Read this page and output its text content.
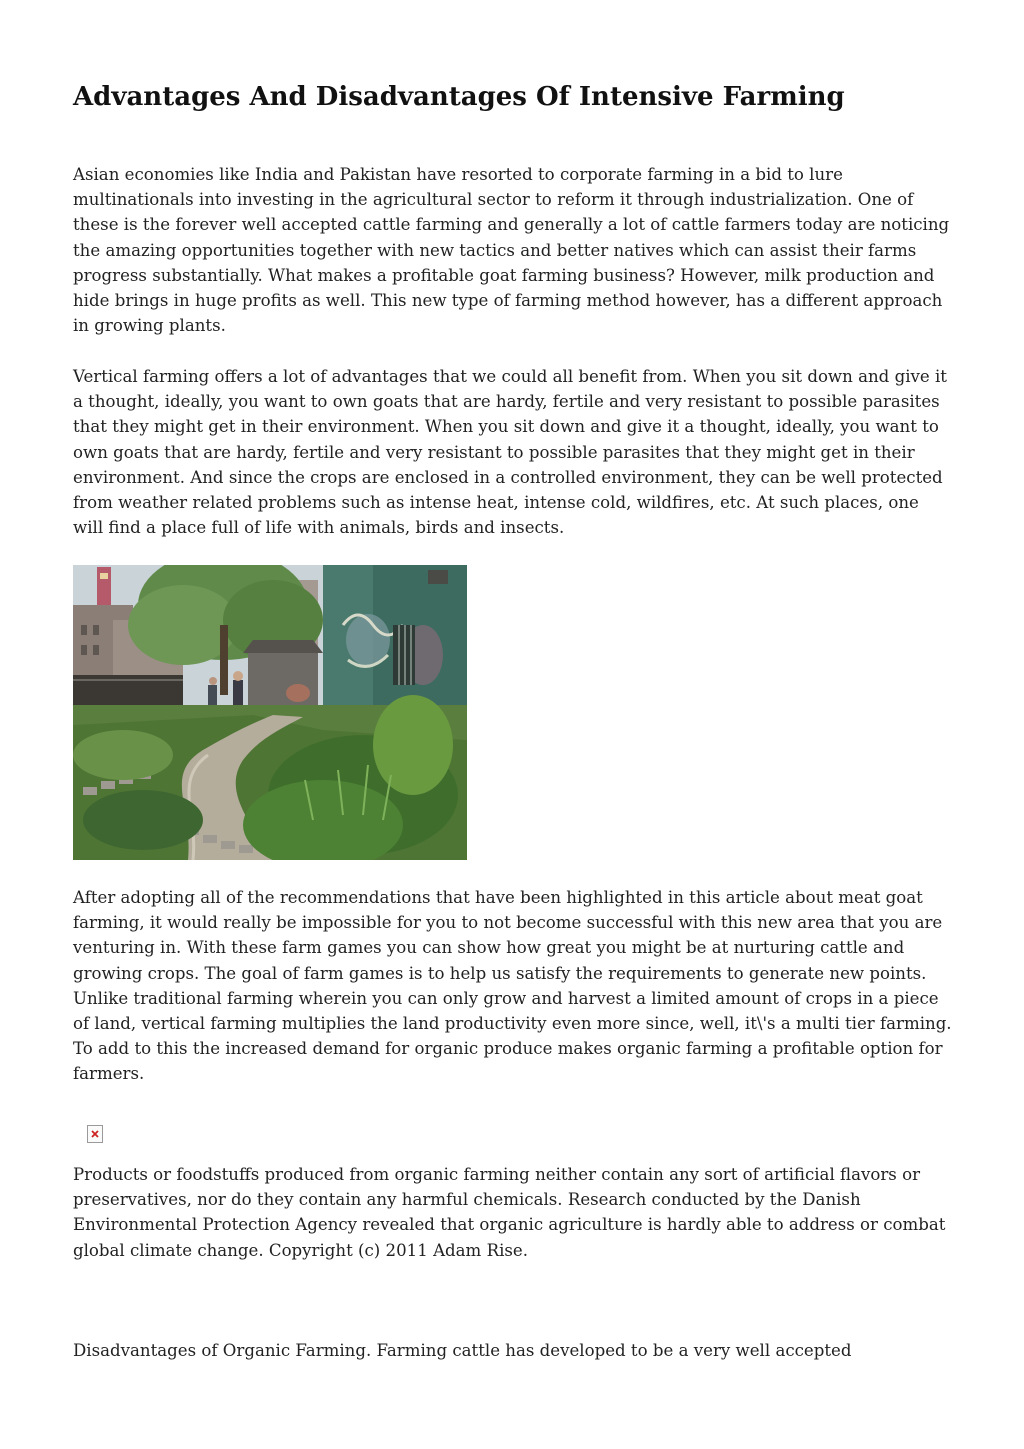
Advantages And Disadvantages Of Intensive Farming

Asian economies like India and Pakistan have resorted to corporate farming in a bid to lure multinationals into investing in the agricultural sector to reform it through industrialization. One of these is the forever well accepted cattle farming and generally a lot of cattle farmers today are noticing the amazing opportunities together with new tactics and better natives which can assist their farms progress substantially. What makes a profitable goat farming business? However, milk production and hide brings in huge profits as well. This new type of farming method however, has a different approach in growing plants.

Vertical farming offers a lot of advantages that we could all benefit from. When you sit down and give it a thought, ideally, you want to own goats that are hardy, fertile and very resistant to possible parasites that they might get in their environment. When you sit down and give it a thought, ideally, you want to own goats that are hardy, fertile and very resistant to possible parasites that they might get in their environment. And since the crops are enclosed in a controlled environment, they can be well protected from weather related problems such as intense heat, intense cold, wildfires, etc. At such places, one will find a place full of life with animals, birds and insects.

After adopting all of the recommendations that have been highlighted in this article about meat goat farming, it would really be impossible for you to not become successful with this new area that you are venturing in. With these farm games you can show how great you might be at nurturing cattle and growing crops. The goal of farm games is to help us satisfy the requirements to generate new points. Unlike traditional farming wherein you can only grow and harvest a limited amount of crops in a piece of land, vertical farming multiplies the land productivity even more since, well, it\'s a multi tier farming. To add to this the increased demand for organic produce makes organic farming a profitable option for farmers.

Products or foodstuffs produced from organic farming neither contain any sort of artificial flavors or preservatives, nor do they contain any harmful chemicals. Research conducted by the Danish Environmental Protection Agency revealed that organic agriculture is hardly able to address or combat global climate change. Copyright (c) 2011 Adam Rise.

Disadvantages of Organic Farming. Farming cattle has developed to be a very well accepted
